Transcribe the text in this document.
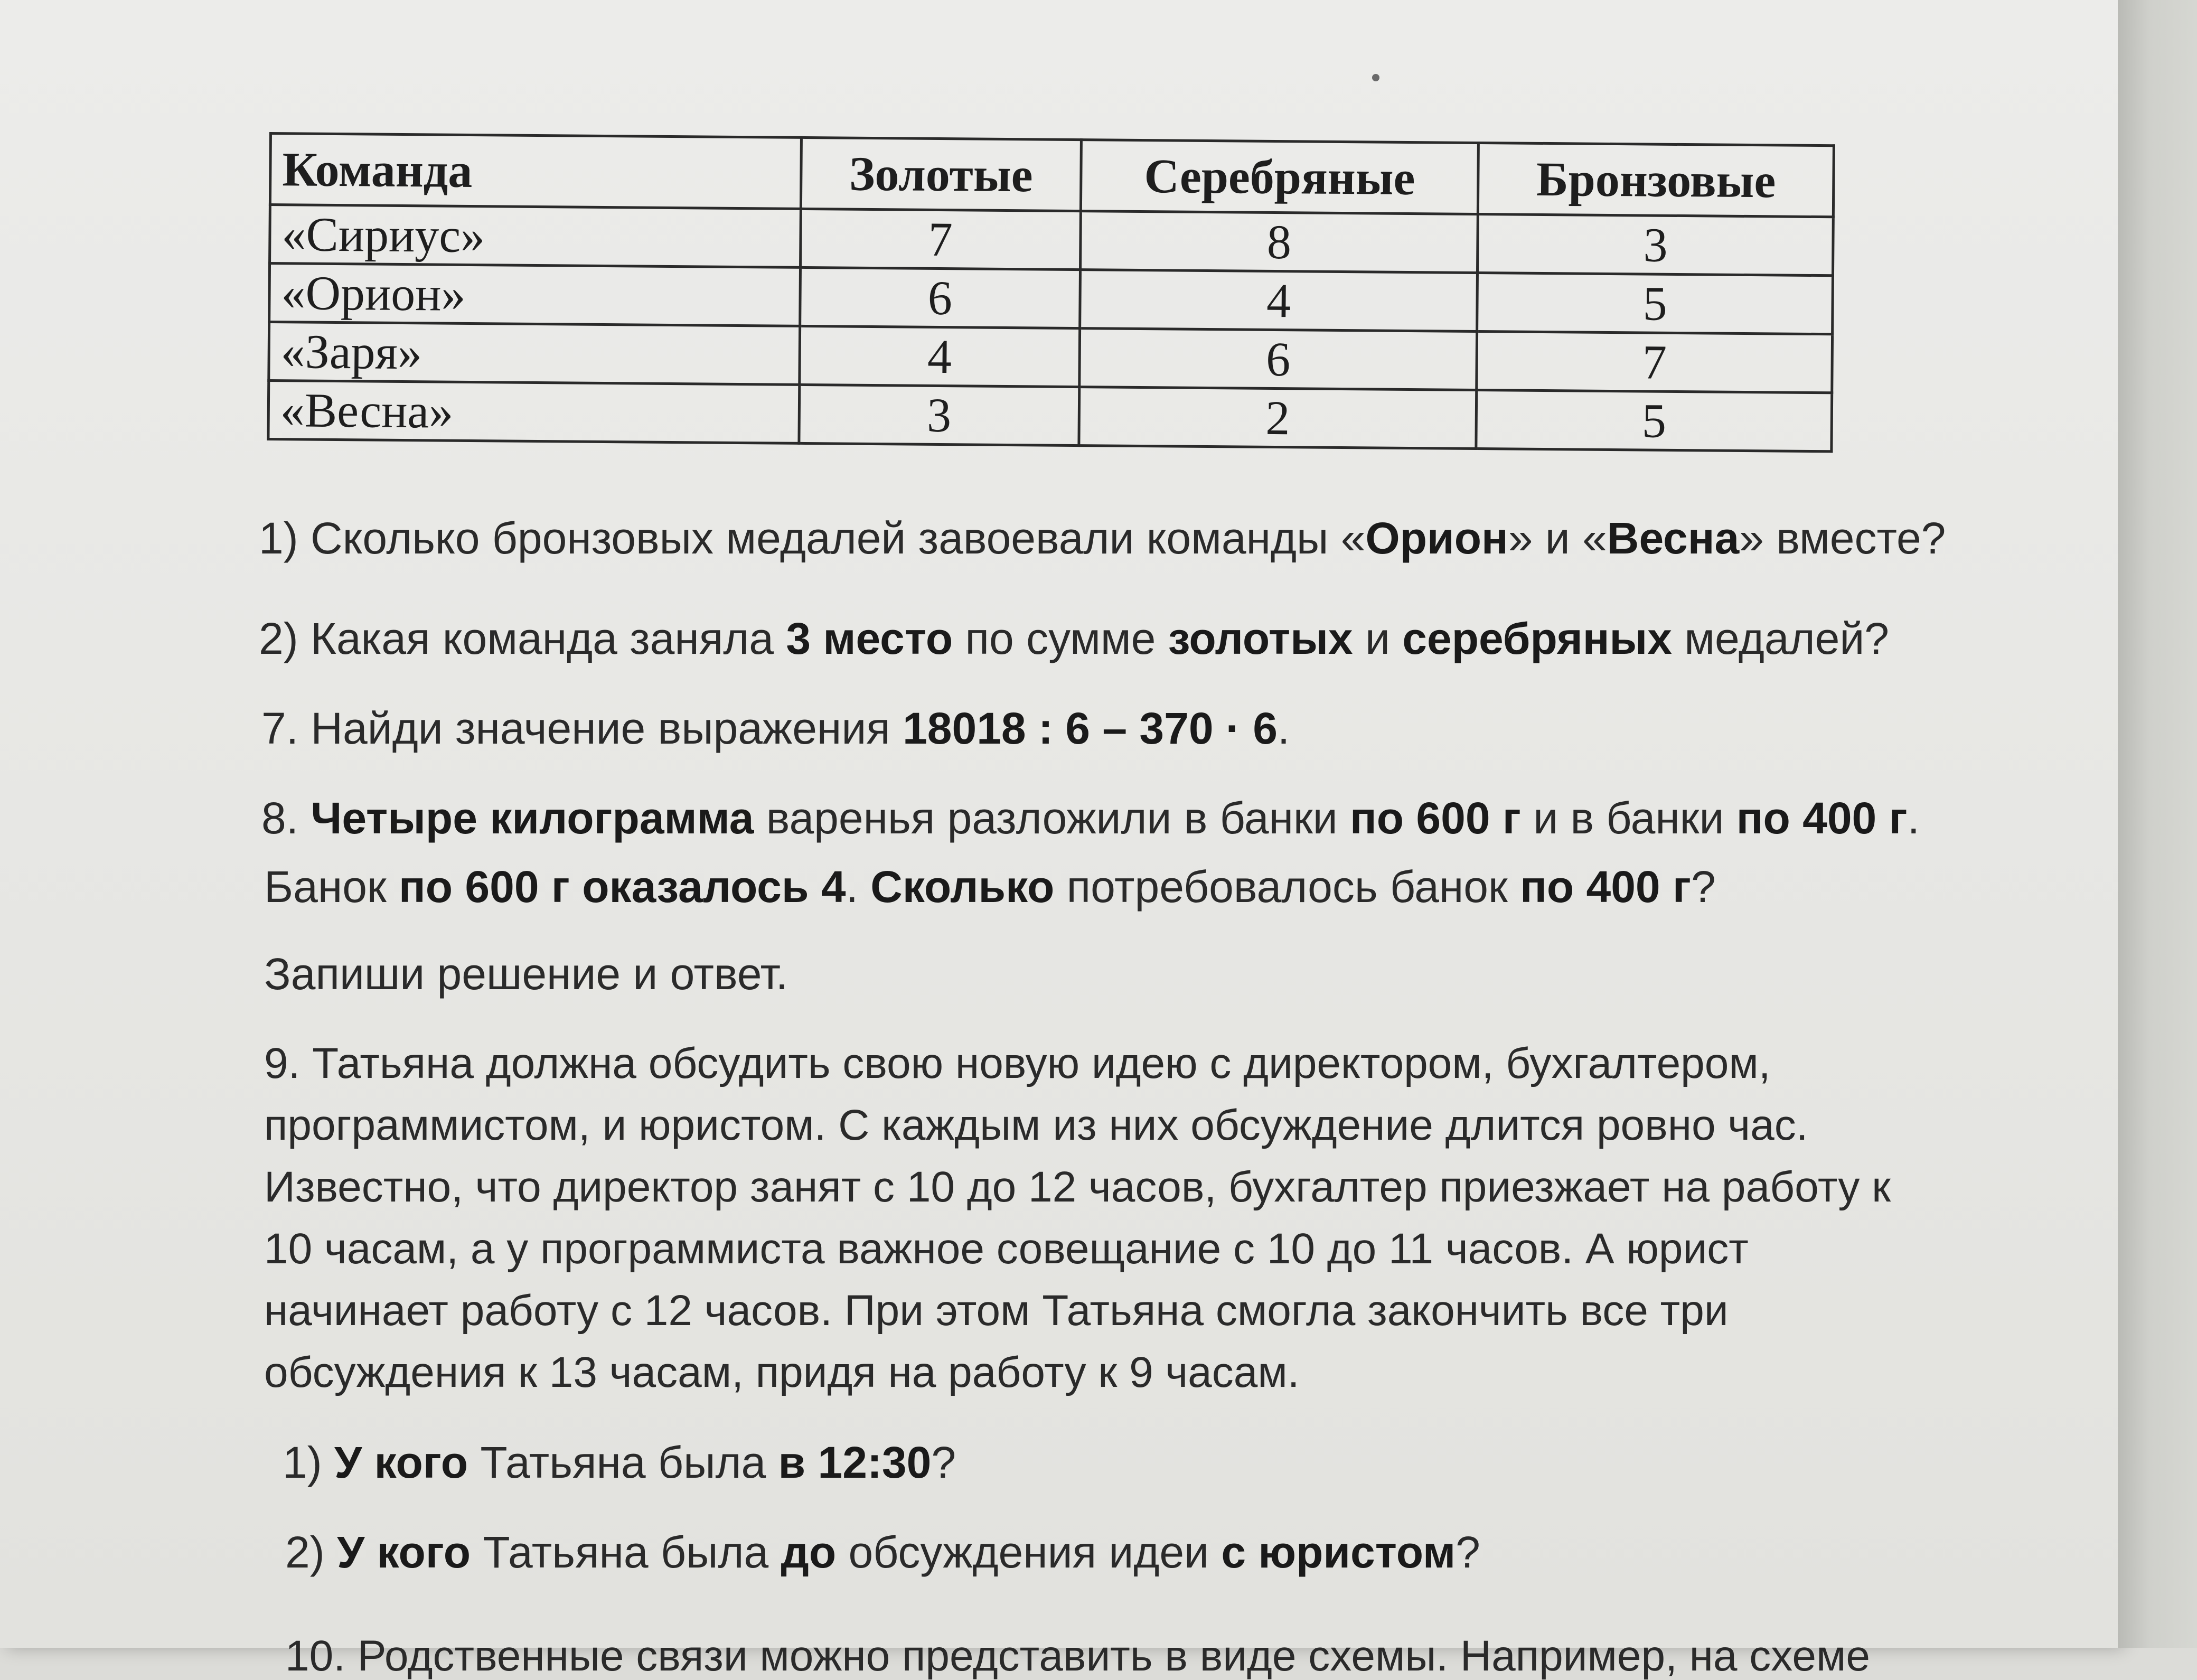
Команда	Золотые	Серебряные	Бронзовые
«Сириус»	7	8	3
«Орион»	6	4	5
«Заря»	4	6	7
«Весна»	3	2	5
1) Сколько бронзовых медалей завоевали команды «Орион» и «Весна» вместе?
2) Какая команда заняла 3 место по сумме золотых и серебряных медалей?
7. Найди значение выражения 18018 : 6 – 370 · 6.
8. Четыре килограмма варенья разложили в банки по 600 г и в банки по 400 г.
Банок по 600 г оказалось 4. Сколько потребовалось банок по 400 г?
Запиши решение и ответ.
9. Татьяна должна обсудить свою новую идею с директором, бухгалтером,
программистом, и юристом. С каждым из них обсуждение длится ровно час.
Известно, что директор занят с 10 до 12 часов, бухгалтер приезжает на работу к
10 часам, а у программиста важное совещание с 10 до 11 часов. А юрист
начинает работу с 12 часов. При этом Татьяна смогла закончить все три
обсуждения к 13 часам, придя на работу к 9 часам.
1) У кого Татьяна была в 12:30?
2) У кого Татьяна была до обсуждения идеи с юристом?
10. Родственные связи можно представить в виде схемы. Например, на схеме
